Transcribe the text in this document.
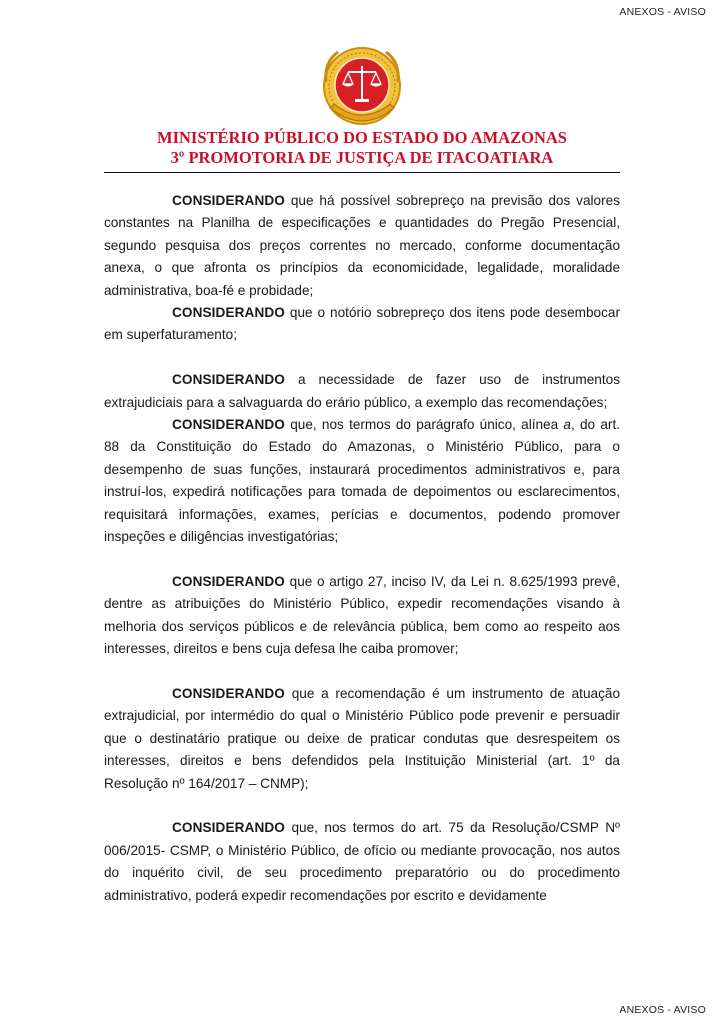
ANEXOS - AVISO
MINISTÉRIO PÚBLICO DO ESTADO DO AMAZONAS
3º PROMOTORIA DE JUSTIÇA DE ITACOATIARA

CONSIDERANDO que há possível sobrepreço na previsão dos valores constantes na Planilha de especificações e quantidades do Pregão Presencial, segundo pesquisa dos preços correntes no mercado, conforme documentação anexa, o que afronta os princípios da economicidade, legalidade, moralidade administrativa, boa-fé e probidade;

CONSIDERANDO que o notório sobrepreço dos itens pode desembocar em superfaturamento;

CONSIDERANDO a necessidade de fazer uso de instrumentos extrajudiciais para a salvaguarda do erário público, a exemplo das recomendações;

CONSIDERANDO que, nos termos do parágrafo único, alínea a, do art. 88 da Constituição do Estado do Amazonas, o Ministério Público, para o desempenho de suas funções, instaurará procedimentos administrativos e, para instruí-los, expedirá notificações para tomada de depoimentos ou esclarecimentos, requisitará informações, exames, perícias e documentos, podendo promover inspeções e diligências investigatórias;

CONSIDERANDO que o artigo 27, inciso IV, da Lei n. 8.625/1993 prevê, dentre as atribuições do Ministério Público, expedir recomendações visando à melhoria dos serviços públicos e de relevância pública, bem como ao respeito aos interesses, direitos e bens cuja defesa lhe caiba promover;

CONSIDERANDO que a recomendação é um instrumento de atuação extrajudicial, por intermédio do qual o Ministério Público pode prevenir e persuadir que o destinatário pratique ou deixe de praticar condutas que desrespeitem os interesses, direitos e bens defendidos pela Instituição Ministerial (art. 1º da Resolução nº 164/2017 – CNMP);

CONSIDERANDO que, nos termos do art. 75 da Resolução/CSMP Nº 006/2015- CSMP, o Ministério Público, de ofício ou mediante provocação, nos autos do inquérito civil, de seu procedimento preparatório ou do procedimento administrativo, poderá expedir recomendações por escrito e devidamente

ANEXOS - AVISO
